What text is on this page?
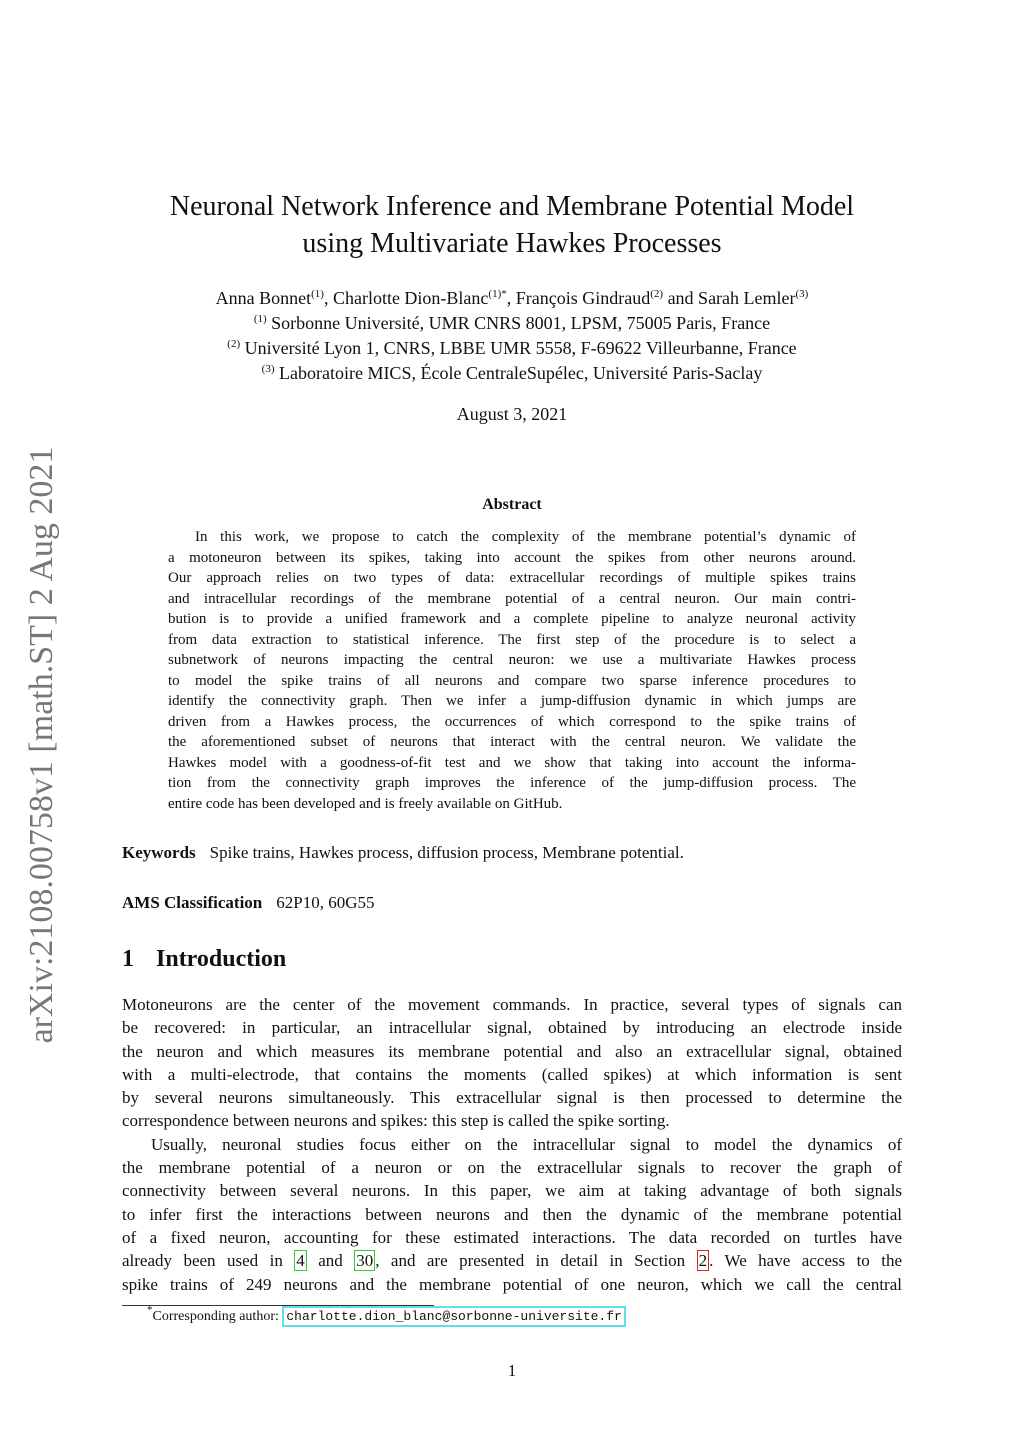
arXiv:2108.00758v1 [math.ST] 2 Aug 2021
Neuronal Network Inference and Membrane Potential Model
using Multivariate Hawkes Processes
Anna Bonnet$^{(1)}$, Charlotte Dion-Blanc$^{(1)*}$, François Gindraud$^{(2)}$ and Sarah Lemler$^{(3)}$
$^{(1)}$ Sorbonne Université, UMR CNRS 8001, LPSM, 75005 Paris, France
$^{(2)}$ Université Lyon 1, CNRS, LBBE UMR 5558, F-69622 Villeurbanne, France
$^{(3)}$ Laboratoire MICS, École CentraleSupélec, Université Paris-Saclay
August 3, 2021
Abstract
In this work, we propose to catch the complexity of the membrane potential’s dynamic of
a motoneuron between its spikes, taking into account the spikes from other neurons around.
Our approach relies on two types of data: extracellular recordings of multiple spikes trains
and intracellular recordings of the membrane potential of a central neuron. Our main contri-
bution is to provide a unified framework and a complete pipeline to analyze neuronal activity
from data extraction to statistical inference. The first step of the procedure is to select a
subnetwork of neurons impacting the central neuron: we use a multivariate Hawkes process
to model the spike trains of all neurons and compare two sparse inference procedures to
identify the connectivity graph. Then we infer a jump-diffusion dynamic in which jumps are
driven from a Hawkes process, the occurrences of which correspond to the spike trains of
the aforementioned subset of neurons that interact with the central neuron. We validate the
Hawkes model with a goodness-of-fit test and we show that taking into account the informa-
tion from the connectivity graph improves the inference of the jump-diffusion process. The
entire code has been developed and is freely available on GitHub.
Keywords Spike trains, Hawkes process, diffusion process, Membrane potential.
AMS Classification 62P10, 60G55
1 Introduction
Motoneurons are the center of the movement commands. In practice, several types of signals can
be recovered: in particular, an intracellular signal, obtained by introducing an electrode inside
the neuron and which measures its membrane potential and also an extracellular signal, obtained
with a multi-electrode, that contains the moments (called spikes) at which information is sent
by several neurons simultaneously. This extracellular signal is then processed to determine the
correspondence between neurons and spikes: this step is called the spike sorting.
Usually, neuronal studies focus either on the intracellular signal to model the dynamics of
the membrane potential of a neuron or on the extracellular signals to recover the graph of
connectivity between several neurons. In this paper, we aim at taking advantage of both signals
to infer first the interactions between neurons and then the dynamic of the membrane potential
of a fixed neuron, accounting for these estimated interactions. The data recorded on turtles have
already been used in 4 and 30 , and are presented in detail in Section 2 . We have access to the
spike trains of 249 neurons and the membrane potential of one neuron, which we call the central
*Corresponding author: charlotte.dion_blanc@sorbonne-universite.fr
1
